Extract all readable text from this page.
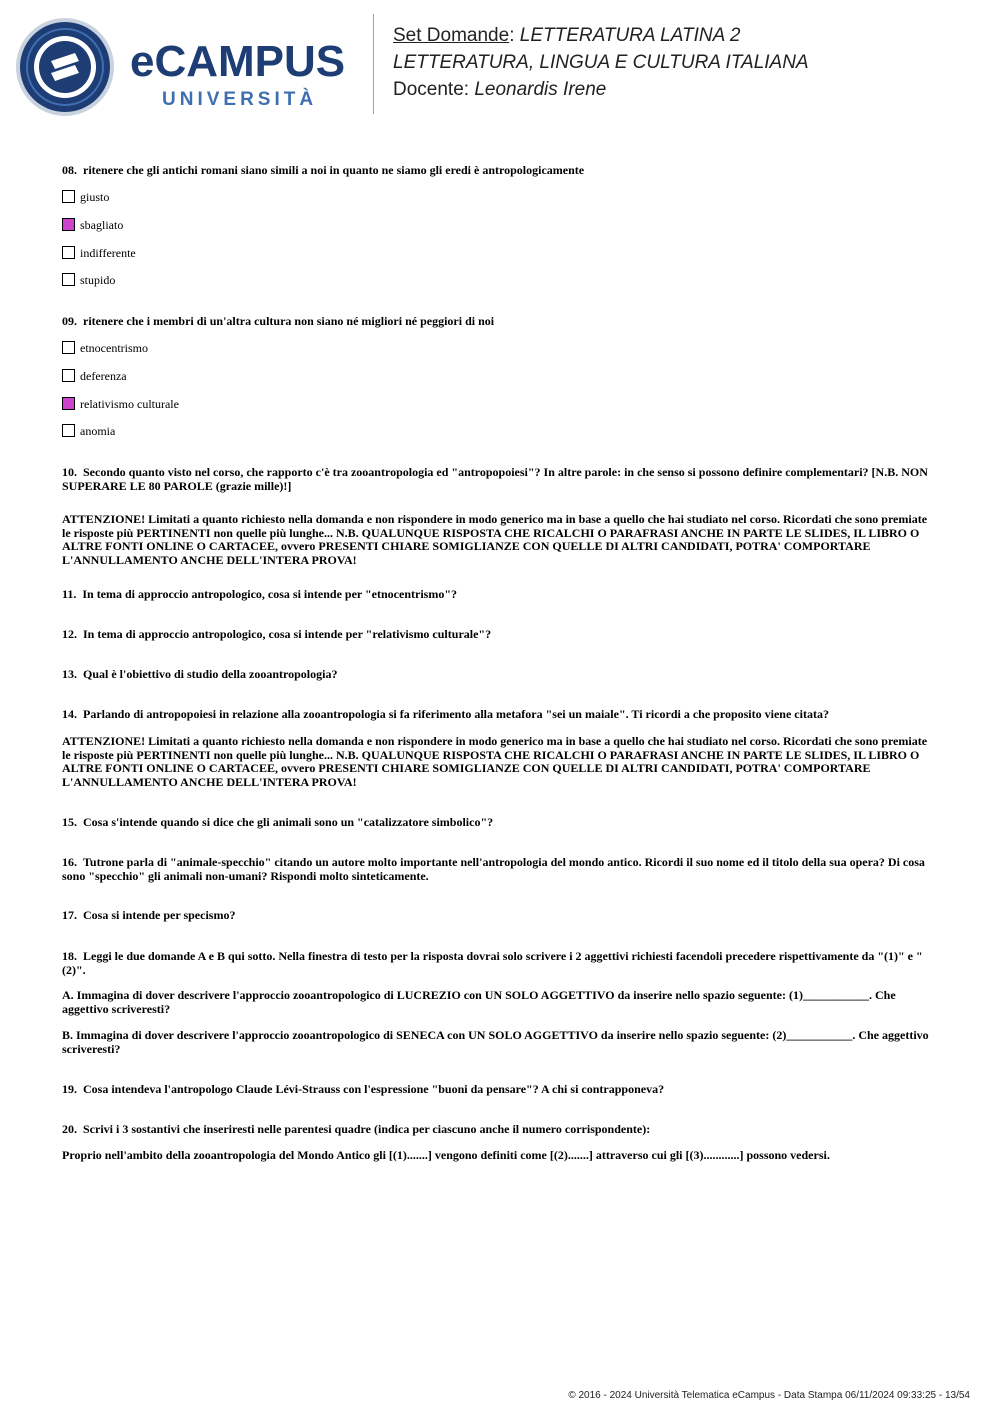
eCAMPUS
UNIVERSITÀ
Set Domande: LETTERATURA LATINA 2
LETTERATURA, LINGUA E CULTURA ITALIANA
Docente: Leonardis Irene
08. ritenere che gli antichi romani siano simili a noi in quanto ne siamo gli eredi è antropologicamente
giusto
sbagliato
indifferente
stupido
09. ritenere che i membri di un'altra cultura non siano né migliori né peggiori di noi
etnocentrismo
deferenza
relativismo culturale
anomia
10. Secondo quanto visto nel corso, che rapporto c'è tra zooantropologia ed "antropopoiesi"? In altre parole: in che senso si possono definire complementari? [N.B. NON SUPERARE LE 80 PAROLE (grazie mille)!]
ATTENZIONE! Limitati a quanto richiesto nella domanda e non rispondere in modo generico ma in base a quello che hai studiato nel corso. Ricordati che sono premiate le risposte più PERTINENTI non quelle più lunghe... N.B. QUALUNQUE RISPOSTA CHE RICALCHI O PARAFRASI ANCHE IN PARTE LE SLIDES, IL LIBRO O ALTRE FONTI ONLINE O CARTACEE, ovvero PRESENTI CHIARE SOMIGLIANZE CON QUELLE DI ALTRI CANDIDATI, POTRA' COMPORTARE L'ANNULLAMENTO ANCHE DELL'INTERA PROVA!
11. In tema di approccio antropologico, cosa si intende per "etnocentrismo"?
12. In tema di approccio antropologico, cosa si intende per "relativismo culturale"?
13. Qual è l'obiettivo di studio della zooantropologia?
14. Parlando di antropopoiesi in relazione alla zooantropologia si fa riferimento alla metafora "sei un maiale". Ti ricordi a che proposito viene citata?
ATTENZIONE! Limitati a quanto richiesto nella domanda e non rispondere in modo generico ma in base a quello che hai studiato nel corso. Ricordati che sono premiate le risposte più PERTINENTI non quelle più lunghe... N.B. QUALUNQUE RISPOSTA CHE RICALCHI O PARAFRASI ANCHE IN PARTE LE SLIDES, IL LIBRO O ALTRE FONTI ONLINE O CARTACEE, ovvero PRESENTI CHIARE SOMIGLIANZE CON QUELLE DI ALTRI CANDIDATI, POTRA' COMPORTARE L'ANNULLAMENTO ANCHE DELL'INTERA PROVA!
15. Cosa s'intende quando si dice che gli animali sono un "catalizzatore simbolico"?
16. Tutrone parla di "animale-specchio" citando un autore molto importante nell'antropologia del mondo antico. Ricordi il suo nome ed il titolo della sua opera? Di cosa sono "specchio" gli animali non-umani? Rispondi molto sinteticamente.
17. Cosa si intende per specismo?
18. Leggi le due domande A e B qui sotto. Nella finestra di testo per la risposta dovrai solo scrivere i 2 aggettivi richiesti facendoli precedere rispettivamente da "(1)" e "(2)".
A. Immagina di dover descrivere l'approccio zooantropologico di LUCREZIO con UN SOLO AGGETTIVO da inserire nello spazio seguente: (1)___________. Che aggettivo scriveresti?
B. Immagina di dover descrivere l'approccio zooantropologico di SENECA con UN SOLO AGGETTIVO da inserire nello spazio seguente: (2)___________. Che aggettivo scriveresti?
19. Cosa intendeva l'antropologo Claude Lévi-Strauss con l'espressione "buoni da pensare"? A chi si contrapponeva?
20. Scrivi i 3 sostantivi che inseriresti nelle parentesi quadre (indica per ciascuno anche il numero corrispondente):
Proprio nell'ambito della zooantropologia del Mondo Antico gli [(1).......] vengono definiti come [(2).......] attraverso cui gli [(3)............] possono vedersi.
© 2016 - 2024 Università Telematica eCampus - Data Stampa 06/11/2024 09:33:25 - 13/54
